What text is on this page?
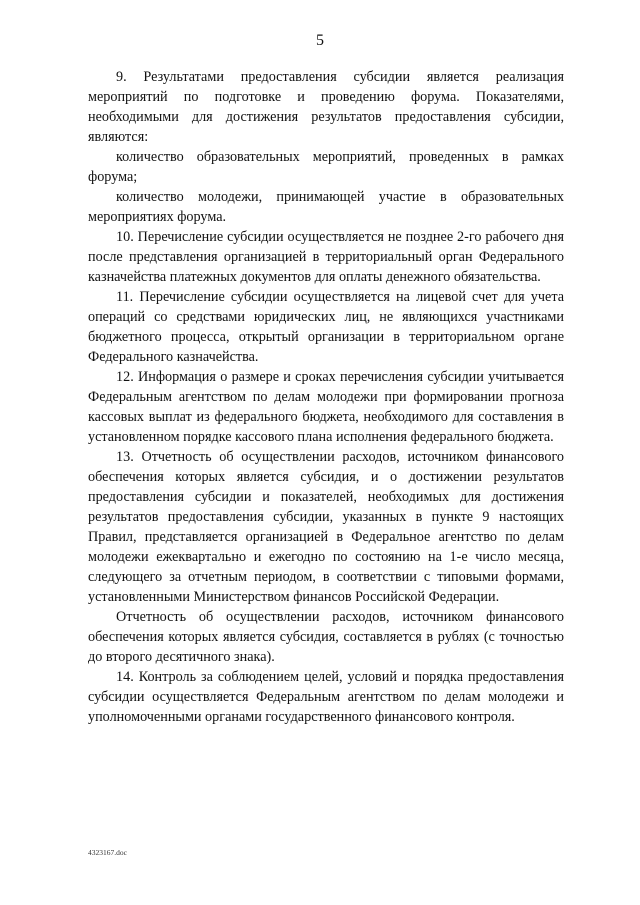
5

9. Результатами предоставления субсидии является реализация мероприятий по подготовке и проведению форума. Показателями, необходимыми для достижения результатов предоставления субсидии, являются:

количество образовательных мероприятий, проведенных в рамках форума;

количество молодежи, принимающей участие в образовательных мероприятиях форума.

10. Перечисление субсидии осуществляется не позднее 2-го рабочего дня после представления организацией в территориальный орган Федерального казначейства платежных документов для оплаты денежного обязательства.

11. Перечисление субсидии осуществляется на лицевой счет для учета операций со средствами юридических лиц, не являющихся участниками бюджетного процесса, открытый организации в территориальном органе Федерального казначейства.

12. Информация о размере и сроках перечисления субсидии учитывается Федеральным агентством по делам молодежи при формировании прогноза кассовых выплат из федерального бюджета, необходимого для составления в установленном порядке кассового плана исполнения федерального бюджета.

13. Отчетность об осуществлении расходов, источником финансового обеспечения которых является субсидия, и о достижении результатов предоставления субсидии и показателей, необходимых для достижения результатов предоставления субсидии, указанных в пункте 9 настоящих Правил, представляется организацией в Федеральное агентство по делам молодежи ежеквартально и ежегодно по состоянию на 1-е число месяца, следующего за отчетным периодом, в соответствии с типовыми формами, установленными Министерством финансов Российской Федерации.

Отчетность об осуществлении расходов, источником финансового обеспечения которых является субсидия, составляется в рублях (с точностью до второго десятичного знака).

14. Контроль за соблюдением целей, условий и порядка предоставления субсидии осуществляется Федеральным агентством по делам молодежи и уполномоченными органами государственного финансового контроля.

4323167.doc
